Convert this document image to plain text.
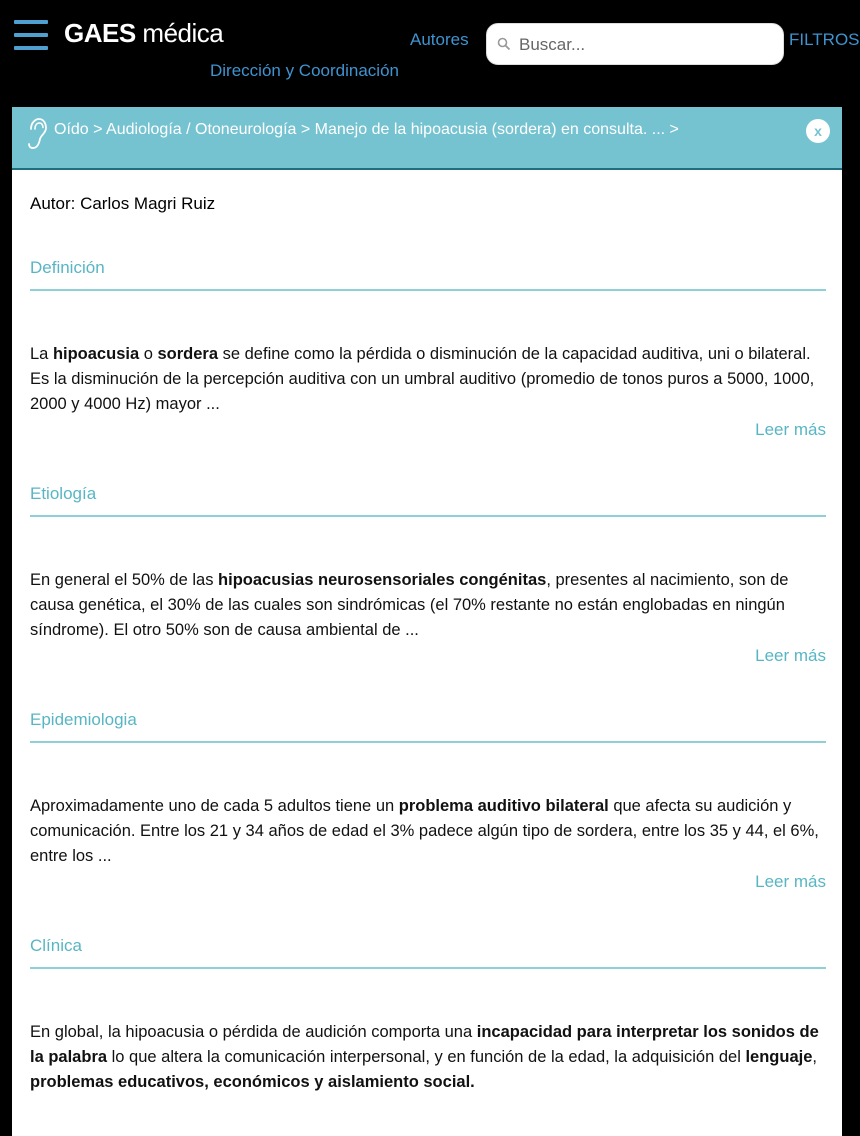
GAES médica	Autores
Dirección y Coordinación
Buscar...
FILTROS
Oído > Audiología / Otoneurología > Manejo de la hipoacusia (sordera) en consulta. ... >	x
Autor: Carlos Magri Ruiz
Definición
La hipoacusia o sordera se define como la pérdida o disminución de la capacidad auditiva, uni o bilateral. Es la disminución de la percepción auditiva con un umbral auditivo (promedio de tonos puros a 5000, 1000, 2000 y 4000 Hz) mayor ...
Leer más
Etiología
En general el 50% de las hipoacusias neurosensoriales congénitas, presentes al nacimiento, son de causa genética, el 30% de las cuales son sindrómicas (el 70% restante no están englobadas en ningún síndrome). El otro 50% son de causa ambiental de ...
Leer más
Epidemiologia
Aproximadamente uno de cada 5 adultos tiene un problema auditivo bilateral que afecta su audición y comunicación. Entre los 21 y 34 años de edad el 3% padece algún tipo de sordera, entre los 35 y 44, el 6%, entre los ...
Leer más
Clínica
En global, la hipoacusia o pérdida de audición comporta una incapacidad para interpretar los sonidos de la palabra lo que altera la comunicación interpersonal, y en función de la edad, la adquisición del lenguaje, problemas educativos, económicos y aislamiento social.
